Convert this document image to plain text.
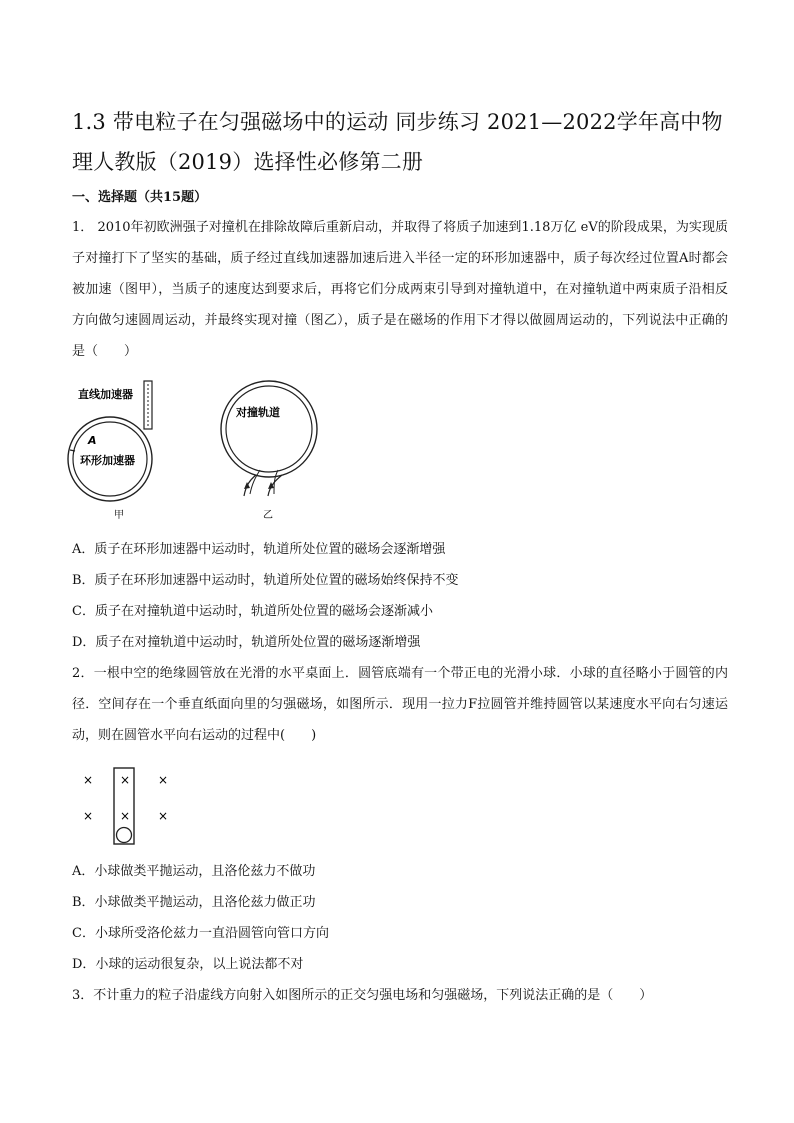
1.3 带电粒子在匀强磁场中的运动 同步练习 2021—2022学年高中物理人教版（2019）选择性必修第二册
一、选择题（共15题）
1． 2010年初欧洲强子对撞机在排除故障后重新启动，并取得了将质子加速到1.18万亿 eV的阶段成果，为实现质子对撞打下了坚实的基础，质子经过直线加速器加速后进入半径一定的环形加速器中，质子每次经过位置A时都会被加速（图甲），当质子的速度达到要求后，再将它们分成两束引导到对撞轨道中，在对撞轨道中两束质子沿相反方向做匀速圆周运动，并最终实现对撞（图乙），质子是在磁场的作用下才得以做圆周运动的，下列说法中正确的是（　　）
直线加速器
A
环形加速器
甲
对撞轨道
乙
A．质子在环形加速器中运动时，轨道所处位置的磁场会逐渐增强
B．质子在环形加速器中运动时，轨道所处位置的磁场始终保持不变
C．质子在对撞轨道中运动时，轨道所处位置的磁场会逐渐减小
D．质子在对撞轨道中运动时，轨道所处位置的磁场逐渐增强
2．一根中空的绝缘圆管放在光滑的水平桌面上．圆管底端有一个带正电的光滑小球．小球的直径略小于圆管的内径．空间存在一个垂直纸面向里的匀强磁场，如图所示．现用一拉力F拉圆管并维持圆管以某速度水平向右匀速运动，则在圆管水平向右运动的过程中(　　)
× × ×
× × ×
A．小球做类平抛运动，且洛伦兹力不做功
B．小球做类平抛运动，且洛伦兹力做正功
C．小球所受洛伦兹力一直沿圆管向管口方向
D．小球的运动很复杂，以上说法都不对
3．不计重力的粒子沿虚线方向射入如图所示的正交匀强电场和匀强磁场，下列说法正确的是（　　）
